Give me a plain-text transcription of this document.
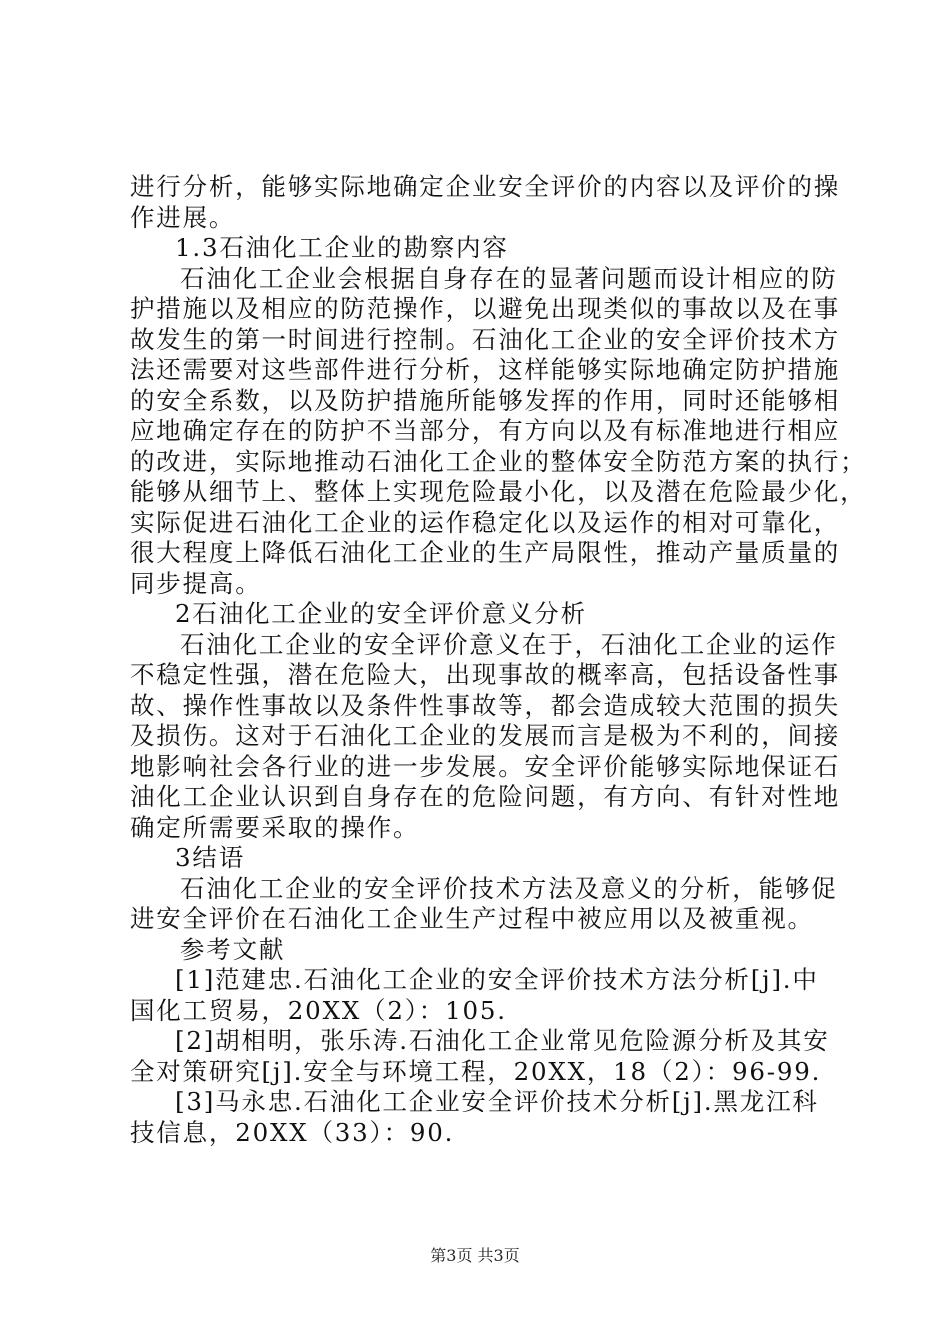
进行分析，能够实际地确定企业安全评价的内容以及评价的操
作进展。
1.3石油化工企业的勘察内容
石油化工企业会根据自身存在的显著问题而设计相应的防
护措施以及相应的防范操作，以避免出现类似的事故以及在事
故发生的第一时间进行控制。石油化工企业的安全评价技术方
法还需要对这些部件进行分析，这样能够实际地确定防护措施
的安全系数，以及防护措施所能够发挥的作用，同时还能够相
应地确定存在的防护不当部分，有方向以及有标准地进行相应
的改进，实际地推动石油化工企业的整体安全防范方案的执行；
能够从细节上、整体上实现危险最小化，以及潜在危险最少化，
实际促进石油化工企业的运作稳定化以及运作的相对可靠化，
很大程度上降低石油化工企业的生产局限性，推动产量质量的
同步提高。
2石油化工企业的安全评价意义分析
石油化工企业的安全评价意义在于，石油化工企业的运作
不稳定性强，潜在危险大，出现事故的概率高，包括设备性事
故、操作性事故以及条件性事故等，都会造成较大范围的损失
及损伤。这对于石油化工企业的发展而言是极为不利的，间接
地影响社会各行业的进一步发展。安全评价能够实际地保证石
油化工企业认识到自身存在的危险问题，有方向、有针对性地
确定所需要采取的操作。
3结语
石油化工企业的安全评价技术方法及意义的分析，能够促
进安全评价在石油化工企业生产过程中被应用以及被重视。
参考文献
[1]范建忠.石油化工企业的安全评价技术方法分析[j].中
国化工贸易，20XX（2）：105.
[2]胡相明，张乐涛.石油化工企业常见危险源分析及其安
全对策研究[j].安全与环境工程，20XX，18（2）：96-99.
[3]马永忠.石油化工企业安全评价技术分析[j].黑龙江科
技信息，20XX（33）：90.
第3页 共3页
